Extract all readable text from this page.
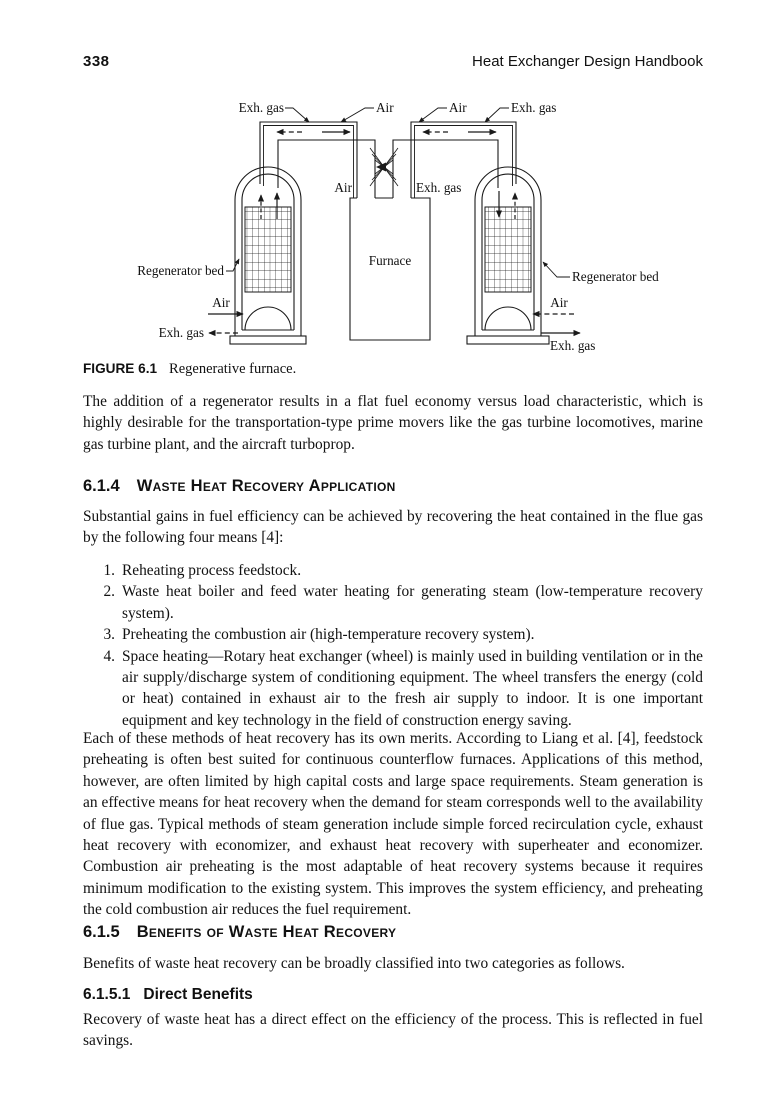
338	Heat Exchanger Design Handbook
Exh. gas	Air	Air	Exh. gas
Air	Exh. gas
Furnace
Regenerator bed	Regenerator bed
Air
Exh. gas
Air
Exh. gas
FIGURE 6.1 Regenerative furnace.

The addition of a regenerator results in a flat fuel economy versus load characteristic, which is highly desirable for the transportation-type prime movers like the gas turbine locomotives, marine gas turbine plant, and the aircraft turboprop.

6.1.4 Waste Heat Recovery Application

Substantial gains in fuel efficiency can be achieved by recovering the heat contained in the flue gas by the following four means [4]:

1. Reheating process feedstock.
2. Waste heat boiler and feed water heating for generating steam (low-temperature recovery system).
3. Preheating the combustion air (high-temperature recovery system).
4. Space heating—Rotary heat exchanger (wheel) is mainly used in building ventilation or in the air supply/discharge system of conditioning equipment. The wheel transfers the energy (cold or heat) contained in exhaust air to the fresh air supply to indoor. It is one important equipment and key technology in the field of construction energy saving.

Each of these methods of heat recovery has its own merits. According to Liang et al. [4], feedstock preheating is often best suited for continuous counterflow furnaces. Applications of this method, however, are often limited by high capital costs and large space requirements. Steam generation is an effective means for heat recovery when the demand for steam corresponds well to the availability of flue gas. Typical methods of steam generation include simple forced recirculation cycle, exhaust heat recovery with economizer, and exhaust heat recovery with superheater and economizer. Combustion air preheating is the most adaptable of heat recovery systems because it requires minimum modification to the existing system. This improves the system efficiency, and preheating the cold combustion air reduces the fuel requirement.

6.1.5 Benefits of Waste Heat Recovery

Benefits of waste heat recovery can be broadly classified into two categories as follows.

6.1.5.1 Direct Benefits

Recovery of waste heat has a direct effect on the efficiency of the process. This is reflected in fuel savings.
